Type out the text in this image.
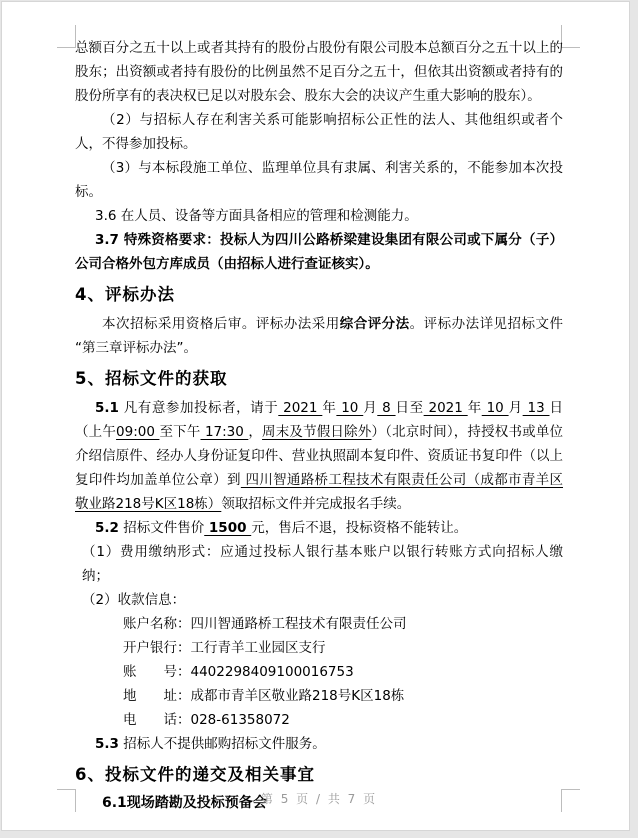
总额百分之五十以上或者其持有的股份占股份有限公司股本总额百分之五十以上的股东；出资额或者持有股份的比例虽然不足百分之五十，但依其出资额或者持有的股份所享有的表决权已足以对股东会、股东大会的决议产生重大影响的股东）。

（2）与招标人存在利害关系可能影响招标公正性的法人、其他组织或者个人，不得参加投标。

（3）与本标段施工单位、监理单位具有隶属、利害关系的，不能参加本次投标。

3.6 在人员、设备等方面具备相应的管理和检测能力。

3.7 特殊资格要求：投标人为四川公路桥梁建设集团有限公司或下属分（子）公司合格外包方库成员（由招标人进行查证核实）。

4、评标办法

本次招标采用资格后审。评标办法采用综合评分法。评标办法详见招标文件“第三章评标办法”。

5、招标文件的获取

5.1 凡有意参加投标者，请于 2021 年 10 月 8 日至 2021 年 10 月 13 日（上午09:00 至下午 17:30 ，周末及节假日除外）（北京时间），持授权书或单位介绍信原件、经办人身份证复印件、营业执照副本复印件、资质证书复印件（以上复印件均加盖单位公章）到 四川智通路桥工程技术有限责任公司（成都市青羊区敬业路218号K区18栋）领取招标文件并完成报名手续。

5.2 招标文件售价 1500 元，售后不退，投标资格不能转让。

（1）费用缴纳形式：应通过投标人银行基本账户以银行转账方式向招标人缴纳；

（2）收款信息：

账户名称：四川智通路桥工程技术有限责任公司

开户银行：工行青羊工业园区支行

账　　号：4402298409100016753

地　　址：成都市青羊区敬业路218号K区18栋

电　　话：028-61358072

5.3 招标人不提供邮购招标文件服务。

6、投标文件的递交及相关事宜

6.1现场踏勘及投标预备会

第 5 页 / 共 7 页
